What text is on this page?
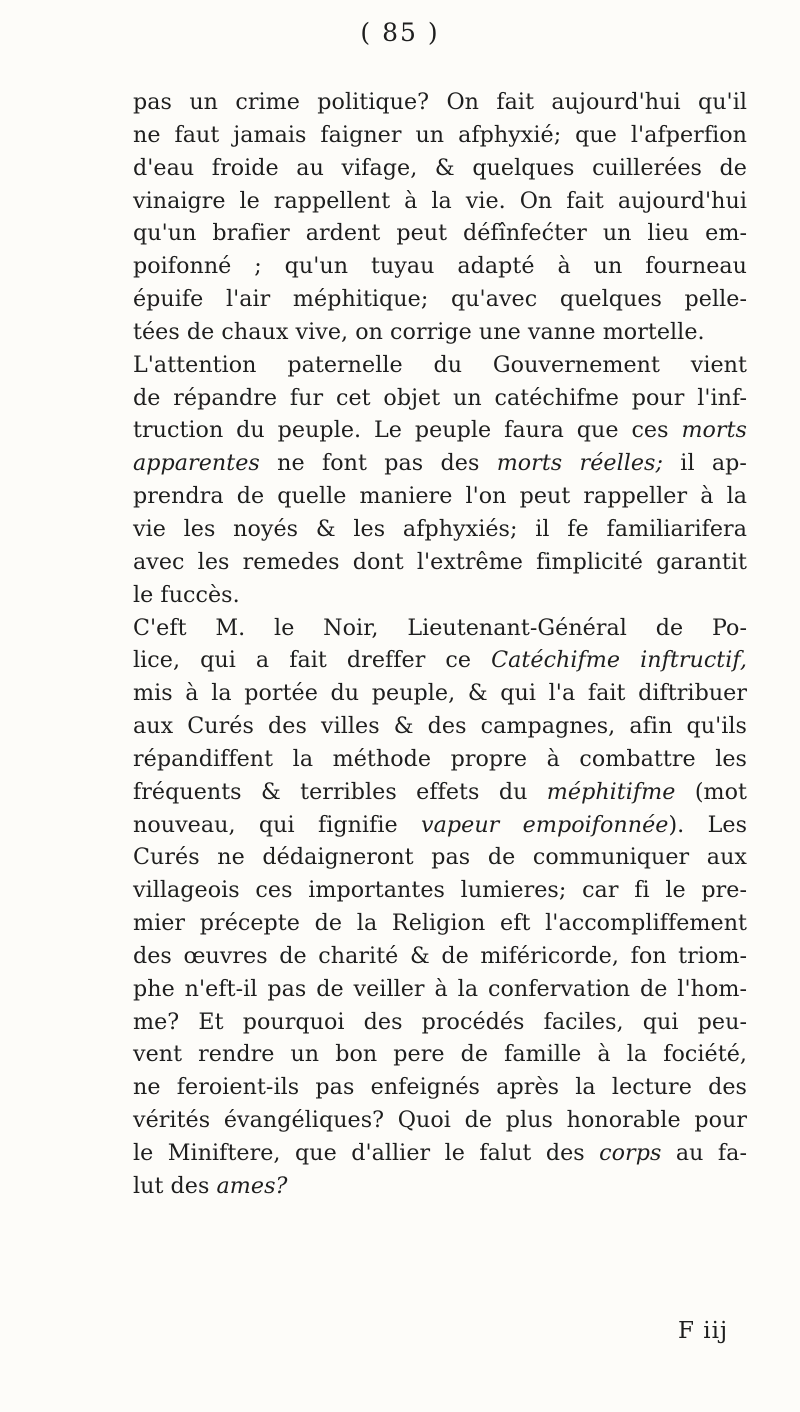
( 85 )
pas un crime politique? On fait aujourd'hui qu'il
ne faut jamais faigner un afphyxié; que l'afperfion
d'eau froide au vifage, & quelques cuillerées de
vinaigre le rappellent à la vie. On fait aujourd'hui
qu'un brafier ardent peut défînfećter un lieu em-
poifonné ; qu'un tuyau adapté à un fourneau
épuife l'air méphitique; qu'avec quelques pelle-
tées de chaux vive, on corrige une vanne mortelle.
L'attention paternelle du Gouvernement vient
de répandre fur cet objet un catéchifme pour l'inf-
truction du peuple. Le peuple faura que ces morts
apparentes ne font pas des morts réelles; il ap-
prendra de quelle maniere l'on peut rappeller à la
vie les noyés & les afphyxiés; il fe familiarifera
avec les remedes dont l'extrême fimplicité garantit
le fuccès.
C'eft M. le Noir, Lieutenant-Général de Po-
lice, qui a fait dreffer ce Catéchifme inftructif,
mis à la portée du peuple, & qui l'a fait diftribuer
aux Curés des villes & des campagnes, afin qu'ils
répandiffent la méthode propre à combattre les
fréquents & terribles effets du méphitifme (mot
nouveau, qui fignifie vapeur empoifonnée). Les
Curés ne dédaigneront pas de communiquer aux
villageois ces importantes lumieres; car fi le pre-
mier précepte de la Religion eft l'accompliffement
des œuvres de charité & de miféricorde, fon triom-
phe n'eft-il pas de veiller à la confervation de l'hom-
me? Et pourquoi des procédés faciles, qui peu-
vent rendre un bon pere de famille à la fociété,
ne feroient-ils pas enfeignés après la lecture des
vérités évangéliques? Quoi de plus honorable pour
le Miniftere, que d'allier le falut des corps au fa-
lut des ames?
F iij
